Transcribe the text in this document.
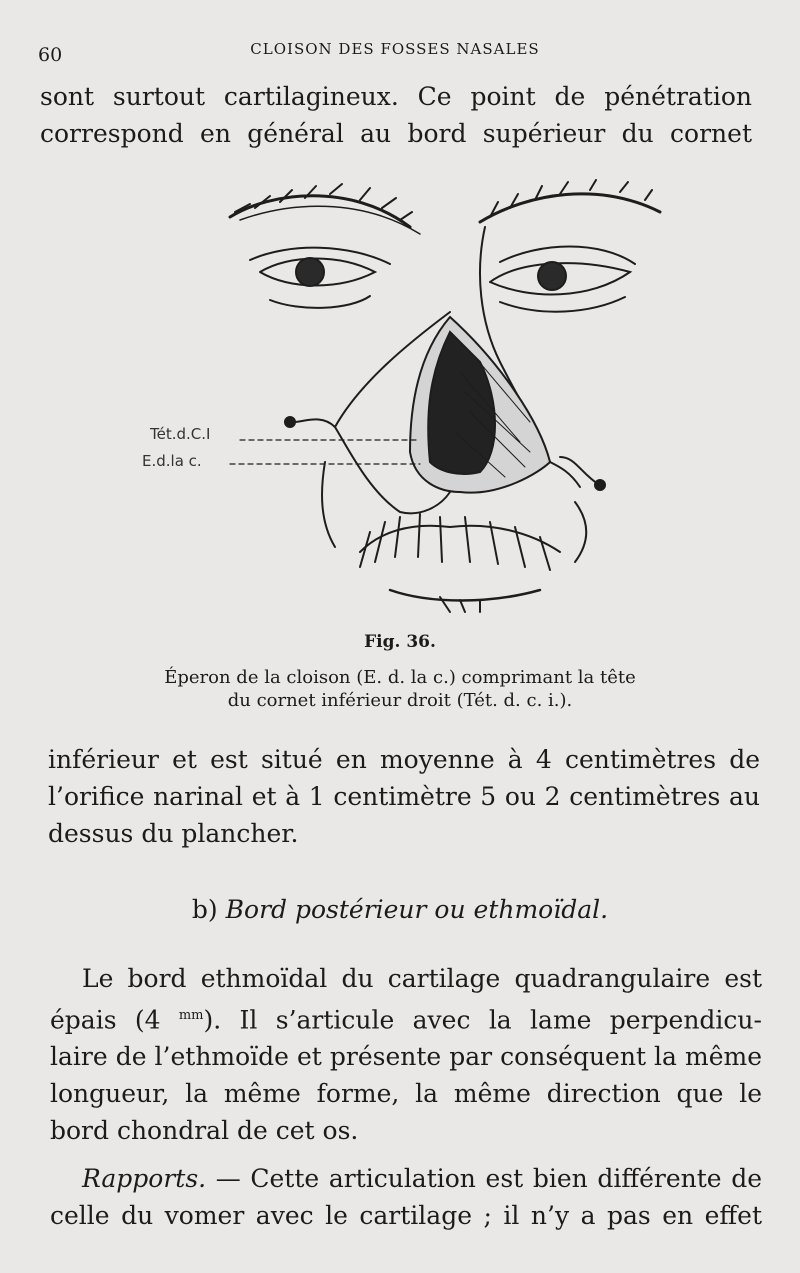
60	CLOISON DES FOSSES NASALES

sont surtout cartilagineux. Ce point de pénétration
correspond en général au bord supérieur du cornet

Tét.d.C.I
E.d.la c.
Fig. 36.
Éperon de la cloison (E. d. la c.) comprimant la tête
du cornet inférieur droit (Tét. d. c. i.).

inférieur et est situé en moyenne à 4 centimètres de
l’orifice narinal et à 1 centimètre 5 ou 2 centimètres au
dessus du plancher.

b) Bord postérieur ou ethmoïdal.

Le bord ethmoïdal du cartilage quadrangulaire est
épais (4 $^{mm}$). Il s’articule avec la lame perpendicu-
laire de l’ethmoïde et présente par conséquent la même
longueur, la même forme, la même direction que le
bord chondral de cet os.

Rapports. — Cette articulation est bien différente de
celle du vomer avec le cartilage ; il n’y a pas en effet
